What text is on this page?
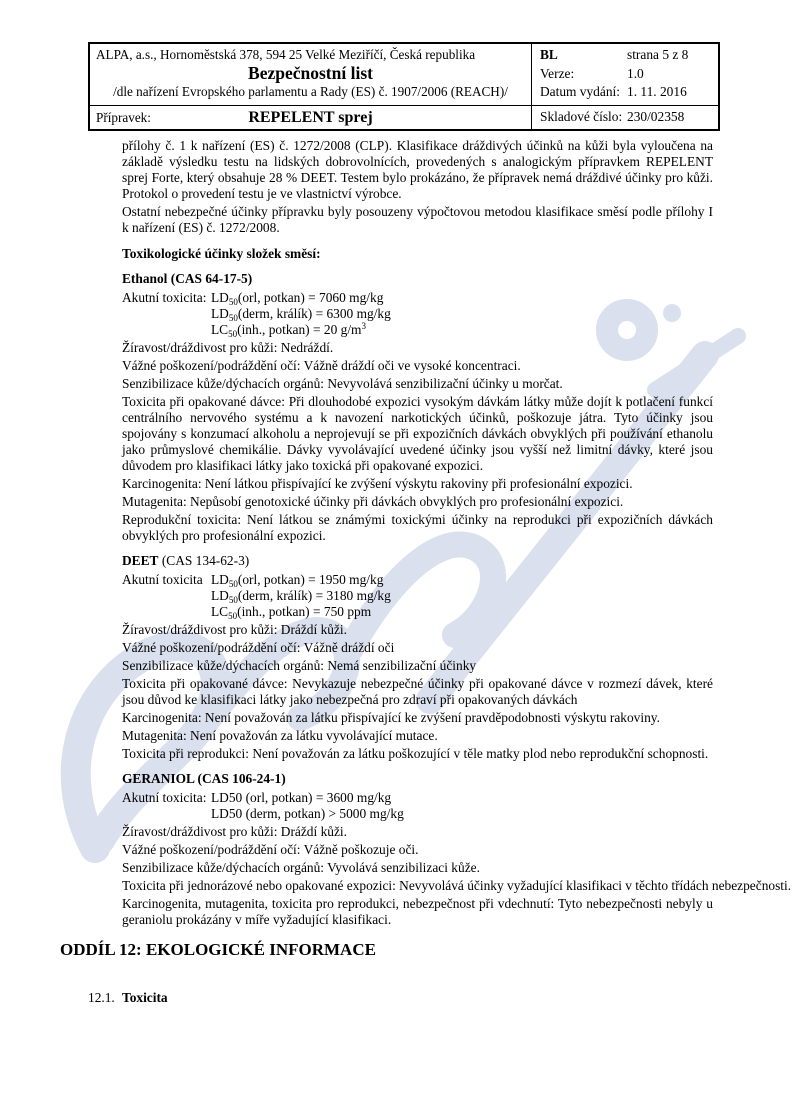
ALPA, a.s., Hornoměstská 378, 594 25 Velké Meziříčí, Česká republika
Bezpečnostní list
/dle nařízení Evropského parlamentu a Rady (ES) č. 1907/2006 (REACH)/
BL	strana 5 z 8
Verze:	1.0
Datum vydání: 1. 11. 2016
Přípravek:	REPELENT sprej	Skladové číslo: 230/02358
přílohy č. 1 k nařízení (ES) č. 1272/2008 (CLP). Klasifikace dráždivých účinků na kůži byla vyloučena na základě výsledku testu na lidských dobrovolnících, provedených s analogickým přípravkem REPELENT sprej Forte, který obsahuje 28 % DEET. Testem bylo prokázáno, že přípravek nemá dráždivé účinky pro kůži. Protokol o provedení testu je ve vlastnictví výrobce.
Ostatní nebezpečné účinky přípravku byly posouzeny výpočtovou metodou klasifikace směsí podle přílohy I k nařízení (ES) č. 1272/2008.
Toxikologické účinky složek směsí:
Ethanol (CAS 64-17-5)
Akutní toxicita: $LD_{50}(orl$, potkan) = 7060 mg/kg
$LD_{50}(derm$, králík) = 6300 mg/kg
$LC_{50}(inh$., potkan) = 20 $g/m^3$
Žíravost/dráždivost pro kůži: Nedráždí.
Vážné poškození/podráždění očí: Vážně dráždí oči ve vysoké koncentraci.
Senzibilizace kůže/dýchacích orgánů: Nevyvolává senzibilizační účinky u morčat.
Toxicita při opakované dávce: Při dlouhodobé expozici vysokým dávkám látky může dojít k potlačení funkcí centrálního nervového systému a k navození narkotických účinků, poškozuje játra. Tyto účinky jsou spojovány s konzumací alkoholu a neprojevují se při expozičních dávkách obvyklých při používání ethanolu jako průmyslové chemikálie. Dávky vyvolávající uvedené účinky jsou vyšší než limitní dávky, které jsou důvodem pro klasifikaci látky jako toxická při opakované expozici.
Karcinogenita: Není látkou přispívající ke zvýšení výskytu rakoviny při profesionální expozici.
Mutagenita: Nepůsobí genotoxické účinky při dávkách obvyklých pro profesionální expozici.
Reprodukční toxicita: Není látkou se známými toxickými účinky na reprodukci při expozičních dávkách obvyklých pro profesionální expozici.
DEET (CAS 134-62-3)
Akutní toxicita $LD_{50}(orl$, potkan) = 1950 mg/kg
$LD_{50}(derm$, králík) = 3180 mg/kg
$LC_{50}(inh$., potkan) = 750 ppm
Žíravost/dráždivost pro kůži: Dráždí kůži.
Vážné poškození/podráždění očí: Vážně dráždí oči
Senzibilizace kůže/dýchacích orgánů: Nemá senzibilizační účinky
Toxicita při opakované dávce: Nevykazuje nebezpečné účinky při opakované dávce v rozmezí dávek, které jsou důvod ke klasifikaci látky jako nebezpečná pro zdraví při opakovaných dávkách
Karcinogenita: Není považován za látku přispívající ke zvýšení pravděpodobnosti výskytu rakoviny.
Mutagenita: Není považován za látku vyvolávající mutace.
Toxicita při reprodukci: Není považován za látku poškozující v těle matky plod nebo reprodukční schopnosti.
GERANIOL (CAS 106-24-1)
Akutní toxicita: LD50 (orl, potkan) = 3600 mg/kg
LD50 (derm, potkan) > 5000 mg/kg
Žíravost/dráždivost pro kůži: Dráždí kůži.
Vážné poškození/podráždění očí: Vážně poškozuje oči.
Senzibilizace kůže/dýchacích orgánů: Vyvolává senzibilizaci kůže.
Toxicita při jednorázové nebo opakované expozici: Nevyvolává účinky vyžadující klasifikaci v těchto třídách nebezpečnosti.
Karcinogenita, mutagenita, toxicita pro reprodukci, nebezpečnost při vdechnutí: Tyto nebezpečnosti nebyly u geraniolu prokázány v míře vyžadující klasifikaci.
ODDÍL 12: EKOLOGICKÉ INFORMACE
12.1. Toxicita
